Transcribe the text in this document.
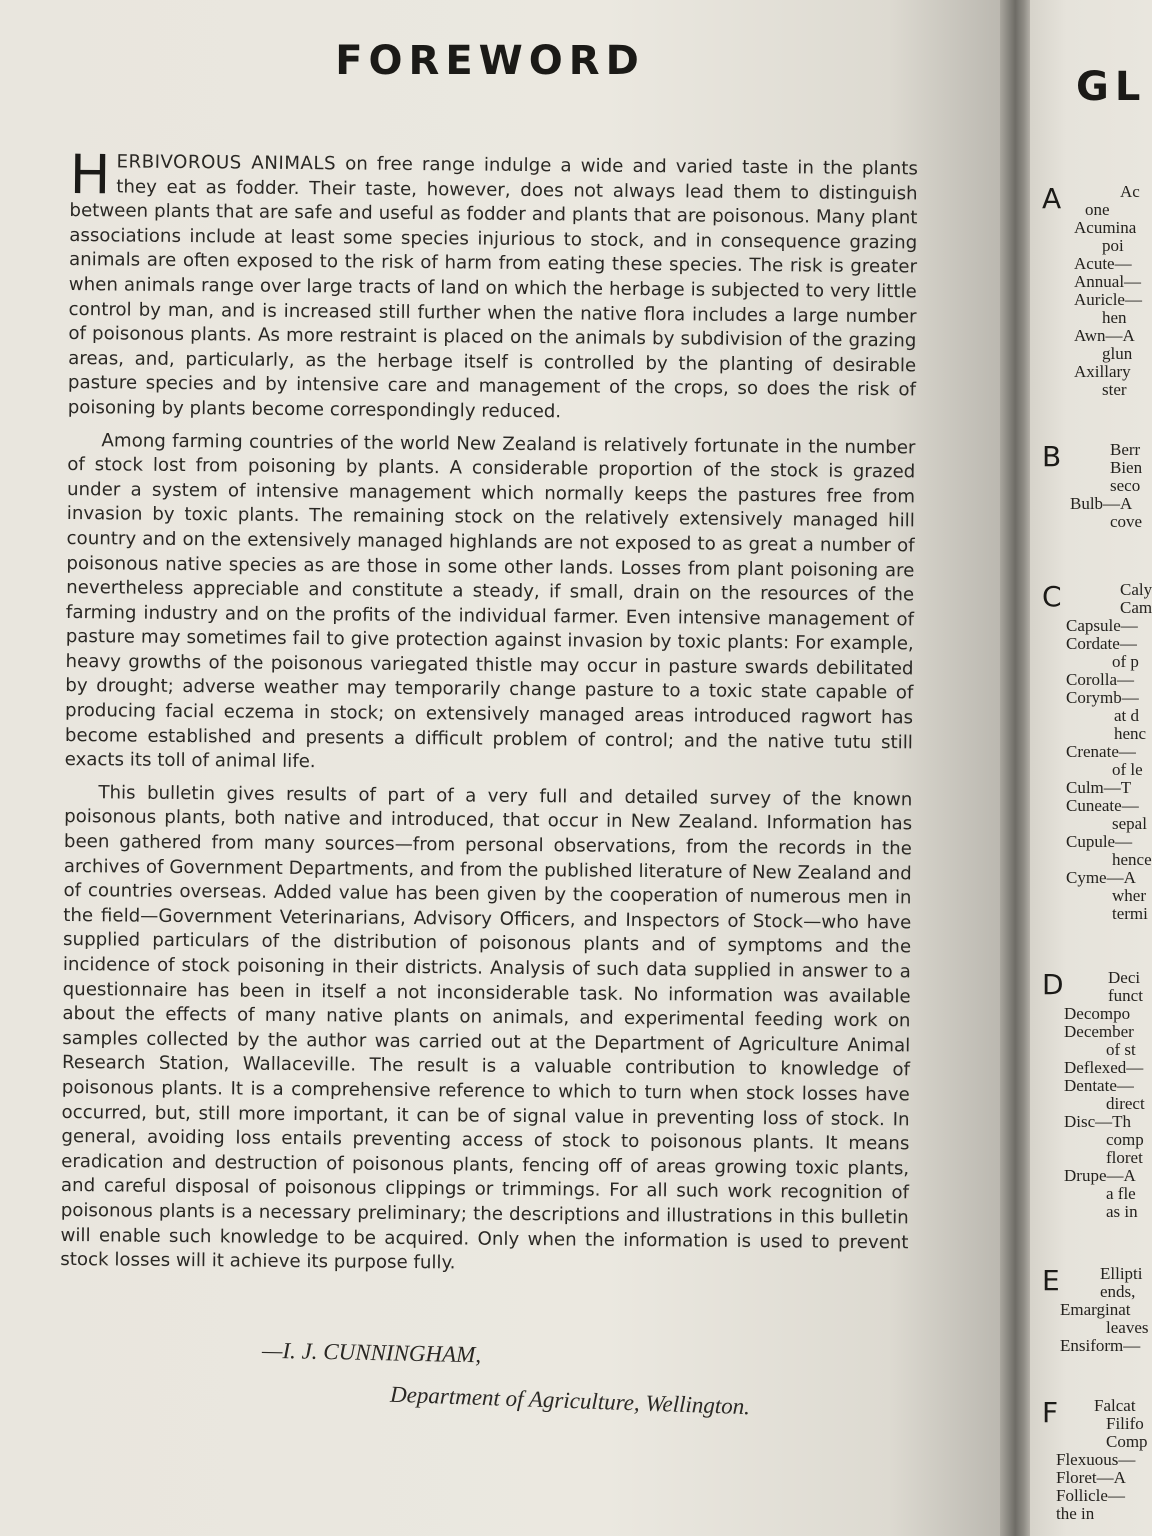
FOREWORD

HERBIVOROUS ANIMALS on free range indulge a wide and varied taste in the plants they eat as fodder. Their taste, however, does not always lead them to distinguish between plants that are safe and useful as fodder and plants that are poisonous. Many plant associations include at least some species injurious to stock, and in consequence grazing animals are often exposed to the risk of harm from eating these species. The risk is greater when animals range over large tracts of land on which the herbage is subjected to very little control by man, and is increased still further when the native flora includes a large number of poisonous plants. As more restraint is placed on the animals by subdivision of the grazing areas, and, particularly, as the herbage itself is controlled by the planting of desirable pasture species and by intensive care and management of the crops, so does the risk of poisoning by plants become correspondingly reduced.

Among farming countries of the world New Zealand is relatively fortunate in the number of stock lost from poisoning by plants. A considerable proportion of the stock is grazed under a system of intensive management which normally keeps the pastures free from invasion by toxic plants. The remaining stock on the relatively extensively managed hill country and on the extensively managed highlands are not exposed to as great a number of poisonous native species as are those in some other lands. Losses from plant poisoning are nevertheless appreciable and constitute a steady, if small, drain on the resources of the farming industry and on the profits of the individual farmer. Even intensive management of pasture may sometimes fail to give protection against invasion by toxic plants: For example, heavy growths of the poisonous variegated thistle may occur in pasture swards debilitated by drought; adverse weather may temporarily change pasture to a toxic state capable of producing facial eczema in stock; on extensively managed areas introduced ragwort has become established and presents a difficult problem of control; and the native tutu still exacts its toll of animal life.

This bulletin gives results of part of a very full and detailed survey of the known poisonous plants, both native and introduced, that occur in New Zealand. Information has been gathered from many sources—from personal observations, from the records in the archives of Government Departments, and from the published literature of New Zealand and of countries overseas. Added value has been given by the cooperation of numerous men in the field—Government Veterinarians, Advisory Officers, and Inspectors of Stock—who have supplied particulars of the distribution of poisonous plants and of symptoms and the incidence of stock poisoning in their districts. Analysis of such data supplied in answer to a questionnaire has been in itself a not inconsiderable task. No information was available about the effects of many native plants on animals, and experimental feeding work on samples collected by the author was carried out at the Department of Agriculture Animal Research Station, Wallaceville. The result is a valuable contribution to knowledge of poisonous plants. It is a comprehensive reference to which to turn when stock losses have occurred, but, still more important, it can be of signal value in preventing loss of stock. In general, avoiding loss entails preventing access of stock to poisonous plants. It means eradication and destruction of poisonous plants, fencing off of areas growing toxic plants, and careful disposal of poisonous clippings or trimmings. For all such work recognition of poisonous plants is a necessary preliminary; the descriptions and illustrations in this bulletin will enable such knowledge to be acquired. Only when the information is used to prevent stock losses will it achieve its purpose fully.

—I. J. CUNNINGHAM,

Department of Agriculture, Wellington.

GL
A	Ac
one
Acumina
poi
Acute—
Annual—
Auricle—
hen
Awn—A
glun
Axillary
ster
B	Berr
Bien
seco
Bulb—A
cove
C	Caly
Cam
Capsule—
Cordate—
of p
Corolla—
Corymb—
at d
henc
Crenate—
of le
Culm—T
Cuneate—
sepal
Cupule—
hence
Cyme—A
wher
termi
D	Deci
funct
Decompo
December
of st
Deflexed—
Dentate—
direct
Disc—Th
comp
floret
Drupe—A
a fle
as in
E Ellipti
ends,
Emarginat
leaves
Ensiform—
F Falcat
Filifo
Comp
Flexuous—
Floret—A
Follicle—
the in
